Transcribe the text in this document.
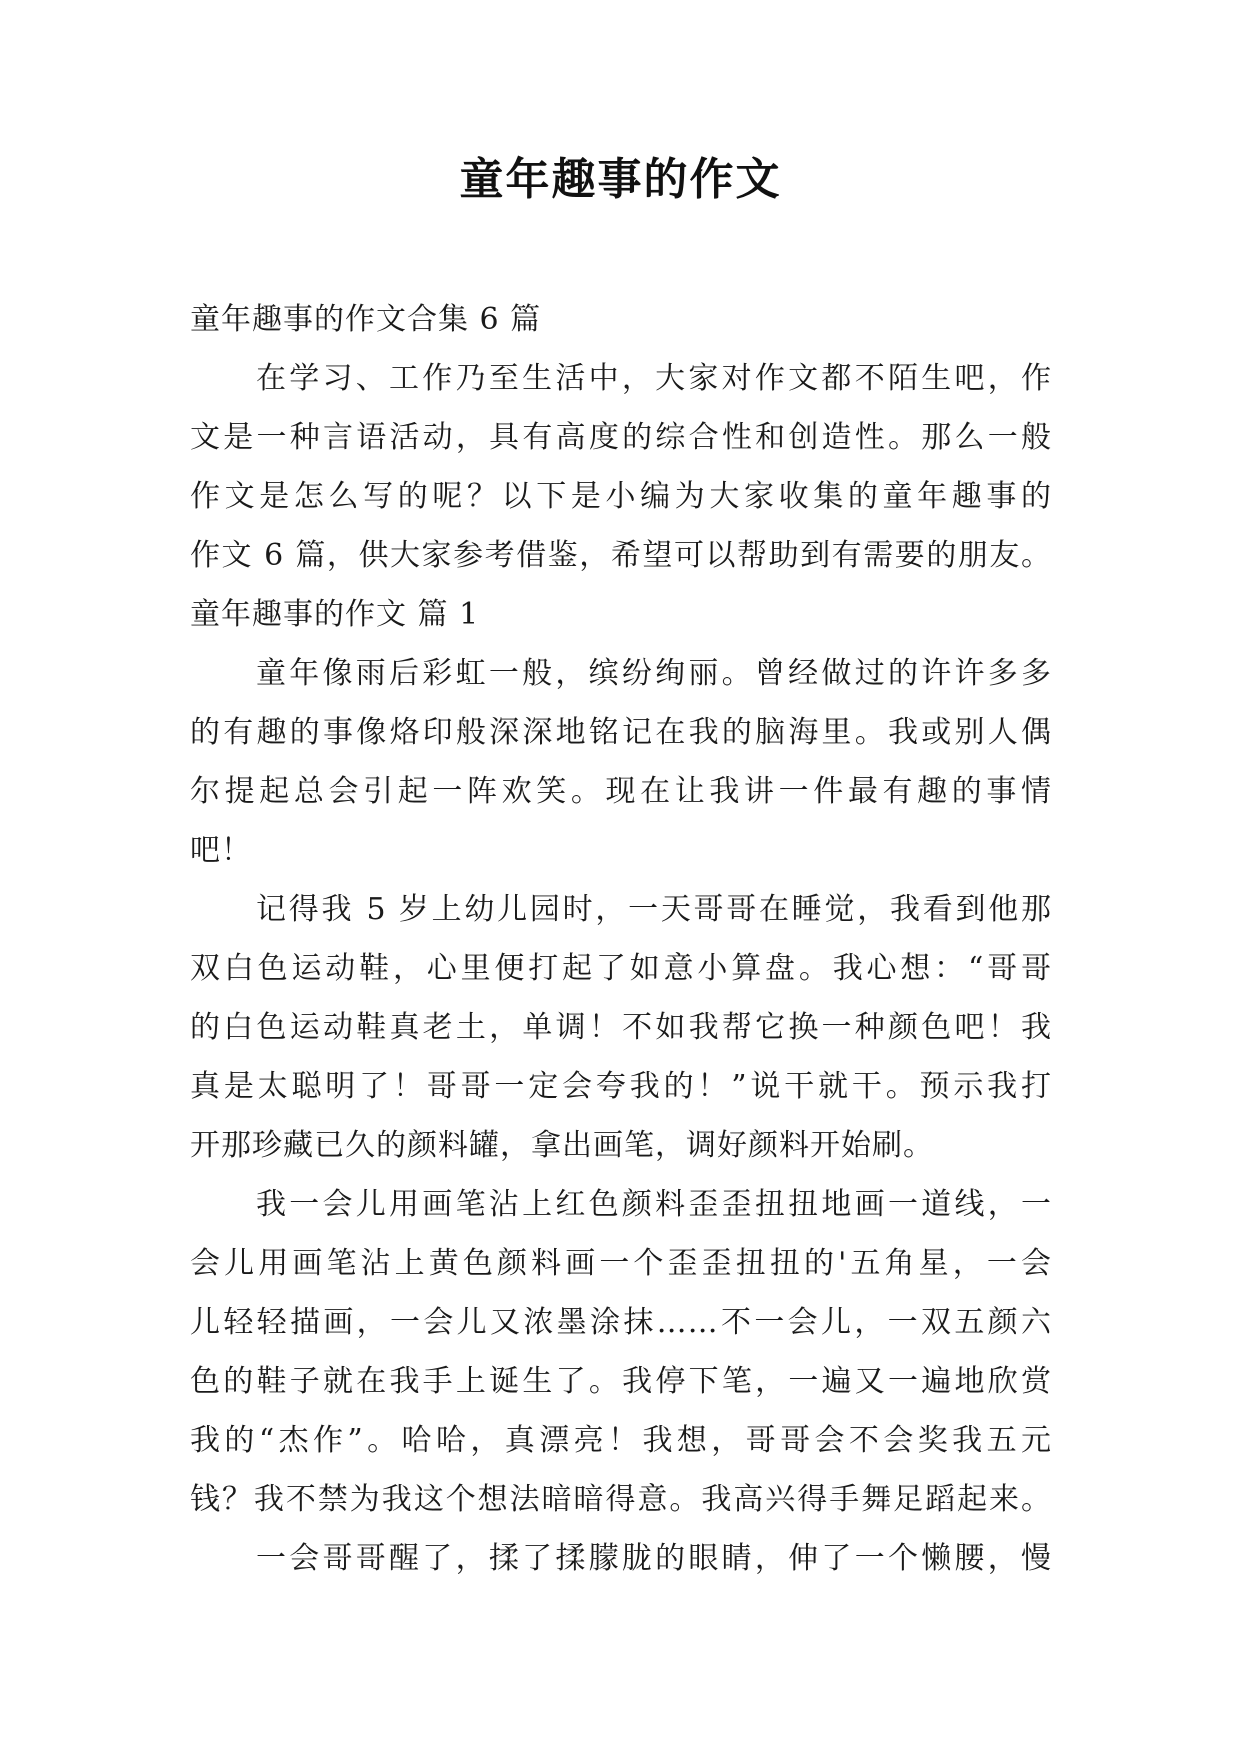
童年趣事的作文
童年趣事的作文合集 6 篇
在学习、工作乃至生活中，大家对作文都不陌生吧，作
文是一种言语活动，具有高度的综合性和创造性。那么一般
作文是怎么写的呢？以下是小编为大家收集的童年趣事的
作文 6 篇，供大家参考借鉴，希望可以帮助到有需要的朋友。
童年趣事的作文 篇 1
童年像雨后彩虹一般，缤纷绚丽。曾经做过的许许多多
的有趣的事像烙印般深深地铭记在我的脑海里。我或别人偶
尔提起总会引起一阵欢笑。现在让我讲一件最有趣的事情
吧！
记得我 5 岁上幼儿园时，一天哥哥在睡觉，我看到他那
双白色运动鞋，心里便打起了如意小算盘。我心想：“哥哥
的白色运动鞋真老土，单调！不如我帮它换一种颜色吧！我
真是太聪明了！哥哥一定会夸我的！”说干就干。预示我打
开那珍藏已久的颜料罐，拿出画笔，调好颜料开始刷。
我一会儿用画笔沾上红色颜料歪歪扭扭地画一道线，一
会儿用画笔沾上黄色颜料画一个歪歪扭扭的'五角星，一会
儿轻轻描画，一会儿又浓墨涂抹……不一会儿，一双五颜六
色的鞋子就在我手上诞生了。我停下笔，一遍又一遍地欣赏
我的“杰作”。哈哈，真漂亮！我想，哥哥会不会奖我五元
钱？我不禁为我这个想法暗暗得意。我高兴得手舞足蹈起来。
一会哥哥醒了，揉了揉朦胧的眼睛，伸了一个懒腰，慢
